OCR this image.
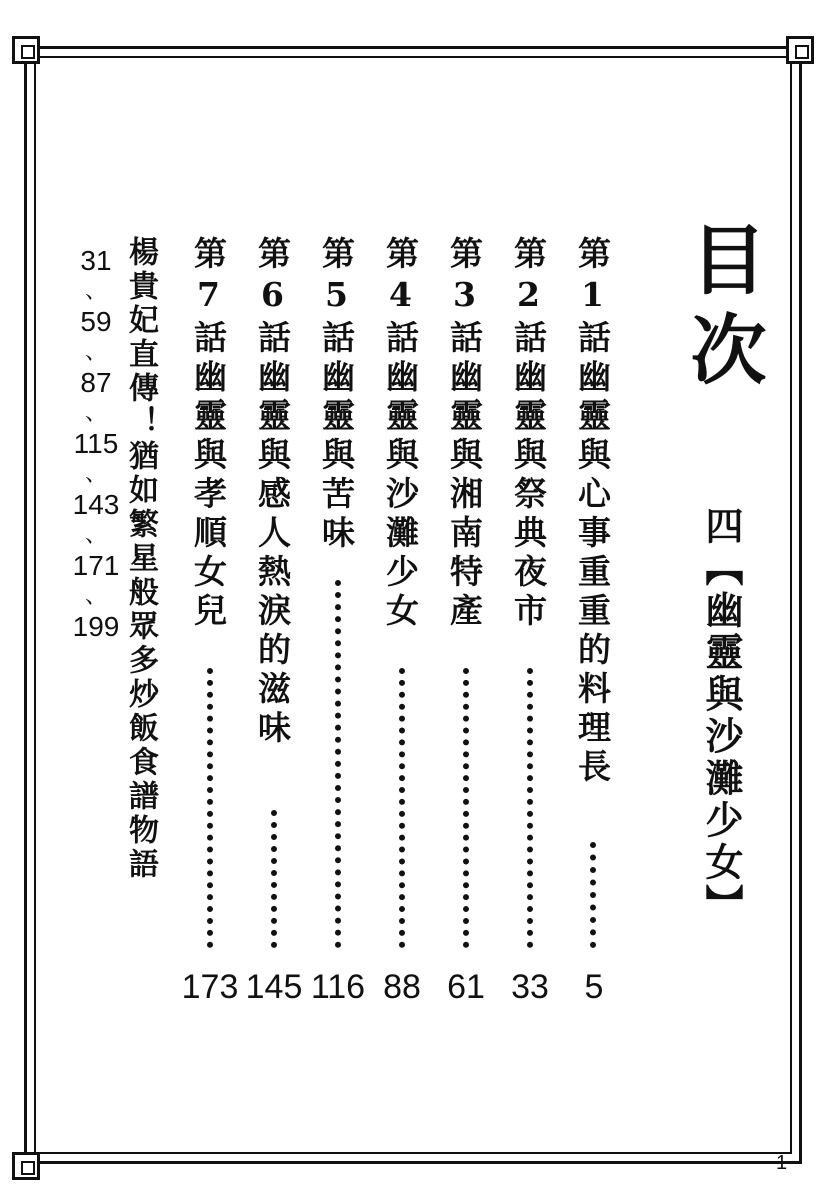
目次
四【幽靈與沙灘少女】
第1話幽靈與心事重重的料理長
5
第2話幽靈與祭典夜市
33
第3話幽靈與湘南特產
61
第4話幽靈與沙灘少女
88
第5話幽靈與苦味
116
第6話幽靈與感人熱淚的滋味
145
第7話幽靈與孝順女兒
173
楊貴妃直傳！猶如繁星般眾多炒飯食譜物語
31
、
59
、
87
、
115
、
143
、
171
、
199
1
